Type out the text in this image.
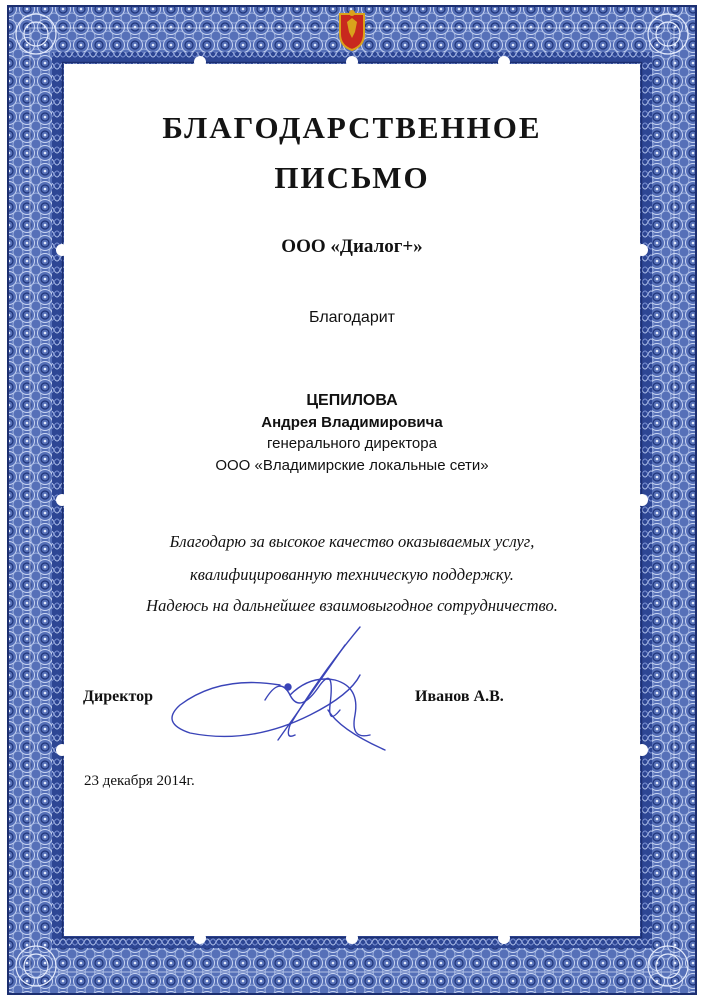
БЛАГОДАРСТВЕННОЕ
ПИСЬМО
ООО «Диалог+»
Благодарит
ЦЕПИЛОВА
Андрея Владимировича
генерального директора
ООО «Владимирские локальные сети»
Благодарю за высокое качество оказываемых услуг,
квалифицированную техническую поддержку.
Надеюсь на дальнейшее взаимовыгодное сотрудничество.
Директор	Иванов А.В.
23 декабря 2014г.
